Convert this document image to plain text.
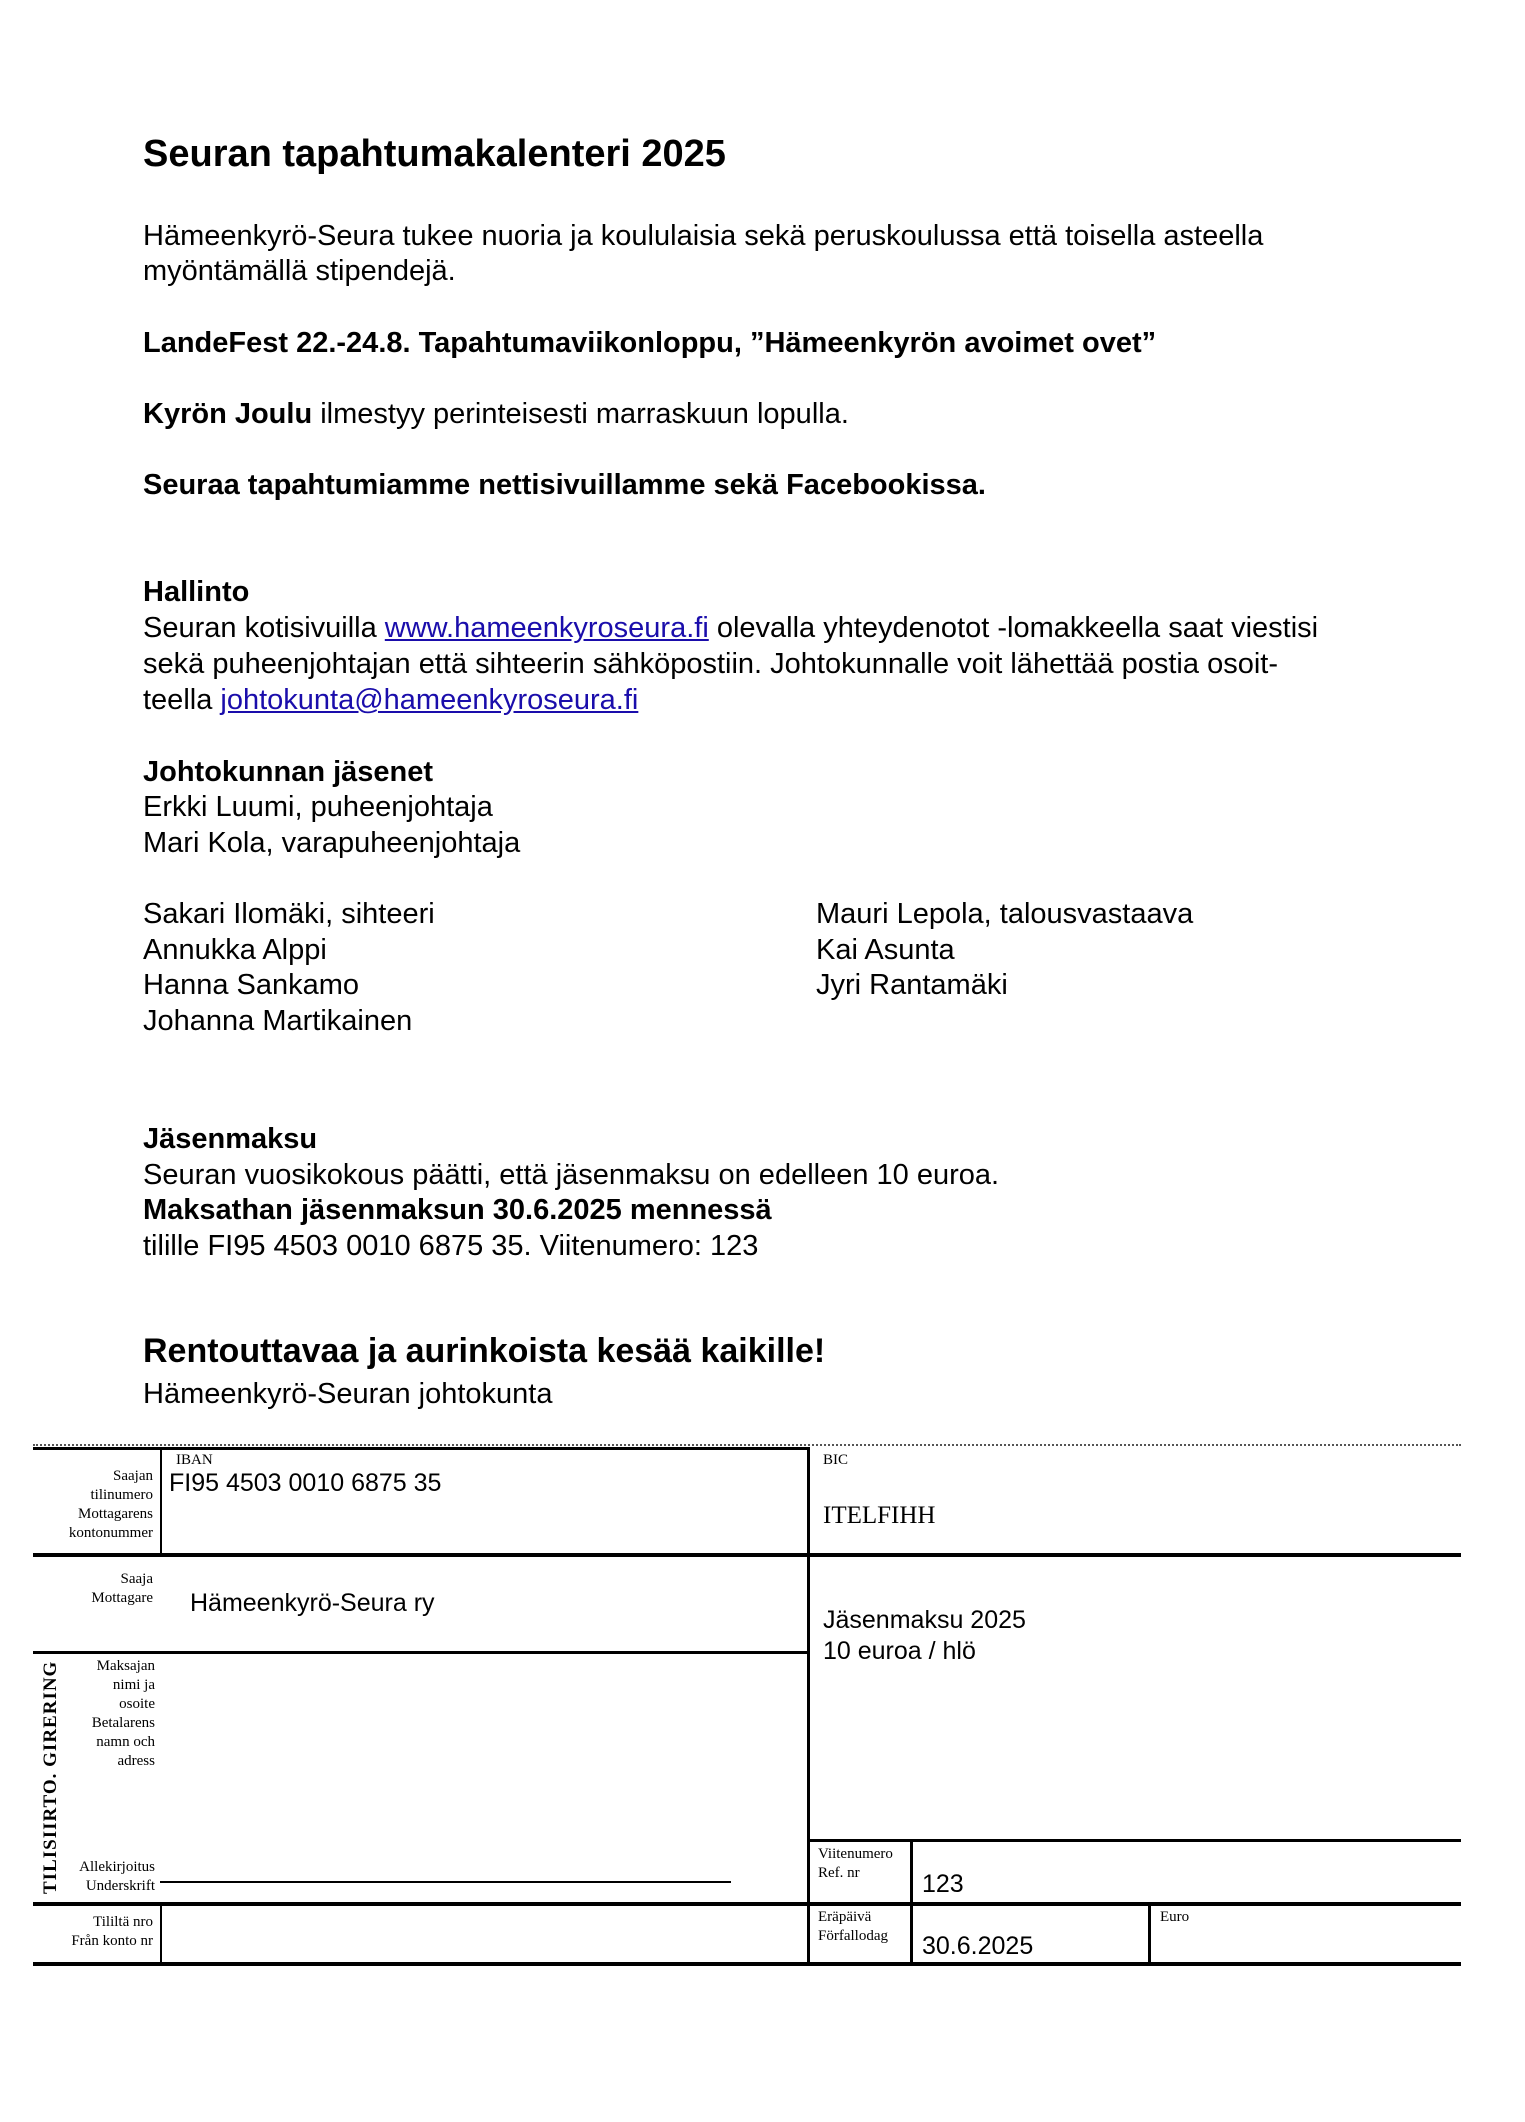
Seuran tapahtumakalenteri 2025
Hämeenkyrö-Seura tukee nuoria ja koululaisia sekä peruskoulussa että toisella asteella
myöntämällä stipendejä.
LandeFest 22.-24.8. Tapahtumaviikonloppu, ”Hämeenkyrön avoimet ovet”
Kyrön Joulu ilmestyy perinteisesti marraskuun lopulla.
Seuraa tapahtumiamme nettisivuillamme sekä Facebookissa.
Hallinto
Seuran kotisivuilla www.hameenkyroseura.fi olevalla yhteydenotot -lomakkeella saat viestisi
sekä puheenjohtajan että sihteerin sähköpostiin. Johtokunnalle voit lähettää postia osoit-
teella johtokunta@hameenkyroseura.fi
Johtokunnan jäsenet
Erkki Luumi, puheenjohtaja
Mari Kola, varapuheenjohtaja
Sakari Ilomäki, sihteeri
Annukka Alppi
Hanna Sankamo
Johanna Martikainen
Mauri Lepola, talousvastaava
Kai Asunta
Jyri Rantamäki
Jäsenmaksu
Seuran vuosikokous päätti, että jäsenmaksu on edelleen 10 euroa.
Maksathan jäsenmaksun 30.6.2025 mennessä
tilille FI95 4503 0010 6875 35. Viitenumero: 123
Rentouttavaa ja aurinkoista kesää kaikille!
Hämeenkyrö-Seuran johtokunta
Saajan
tilinumero
Mottagarens
kontonummer
IBAN
FI95 4503 0010 6875 35
BIC
ITELFIHH
Saaja
Mottagare Hämeenkyrö-Seura ry
Jäsenmaksu 2025
10 euroa / hlö
TILISIIRTO. GIRERING	Maksajan
nimi ja
osoite
Betalarens
namn och
adress
Allekirjoitus
Underskrift
Viitenumero
Ref. nr	123
Tililtä nro
Från konto nr
Eräpäivä
Förfallodag 30.6.2025
Euro
